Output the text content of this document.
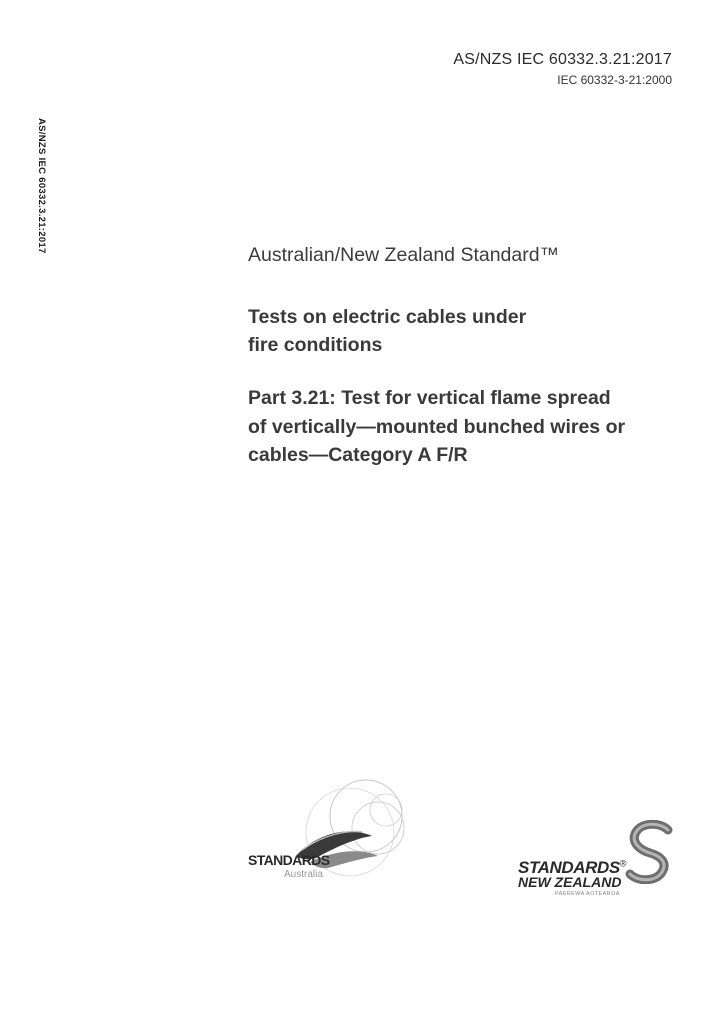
AS/NZS IEC 60332.3.21:2017
IEC 60332-3-21:2000
AS/NZS IEC 60332.3.21:2017
Australian/New Zealand Standard™
Tests on electric cables under
fire conditions
Part 3.21: Test for vertical flame spread
of vertically—mounted bunched wires or
cables—Category A F/R
STANDARDS
Australia	STANDARDS®
NEW ZEALAND
PAEREWA AOTEAROA
